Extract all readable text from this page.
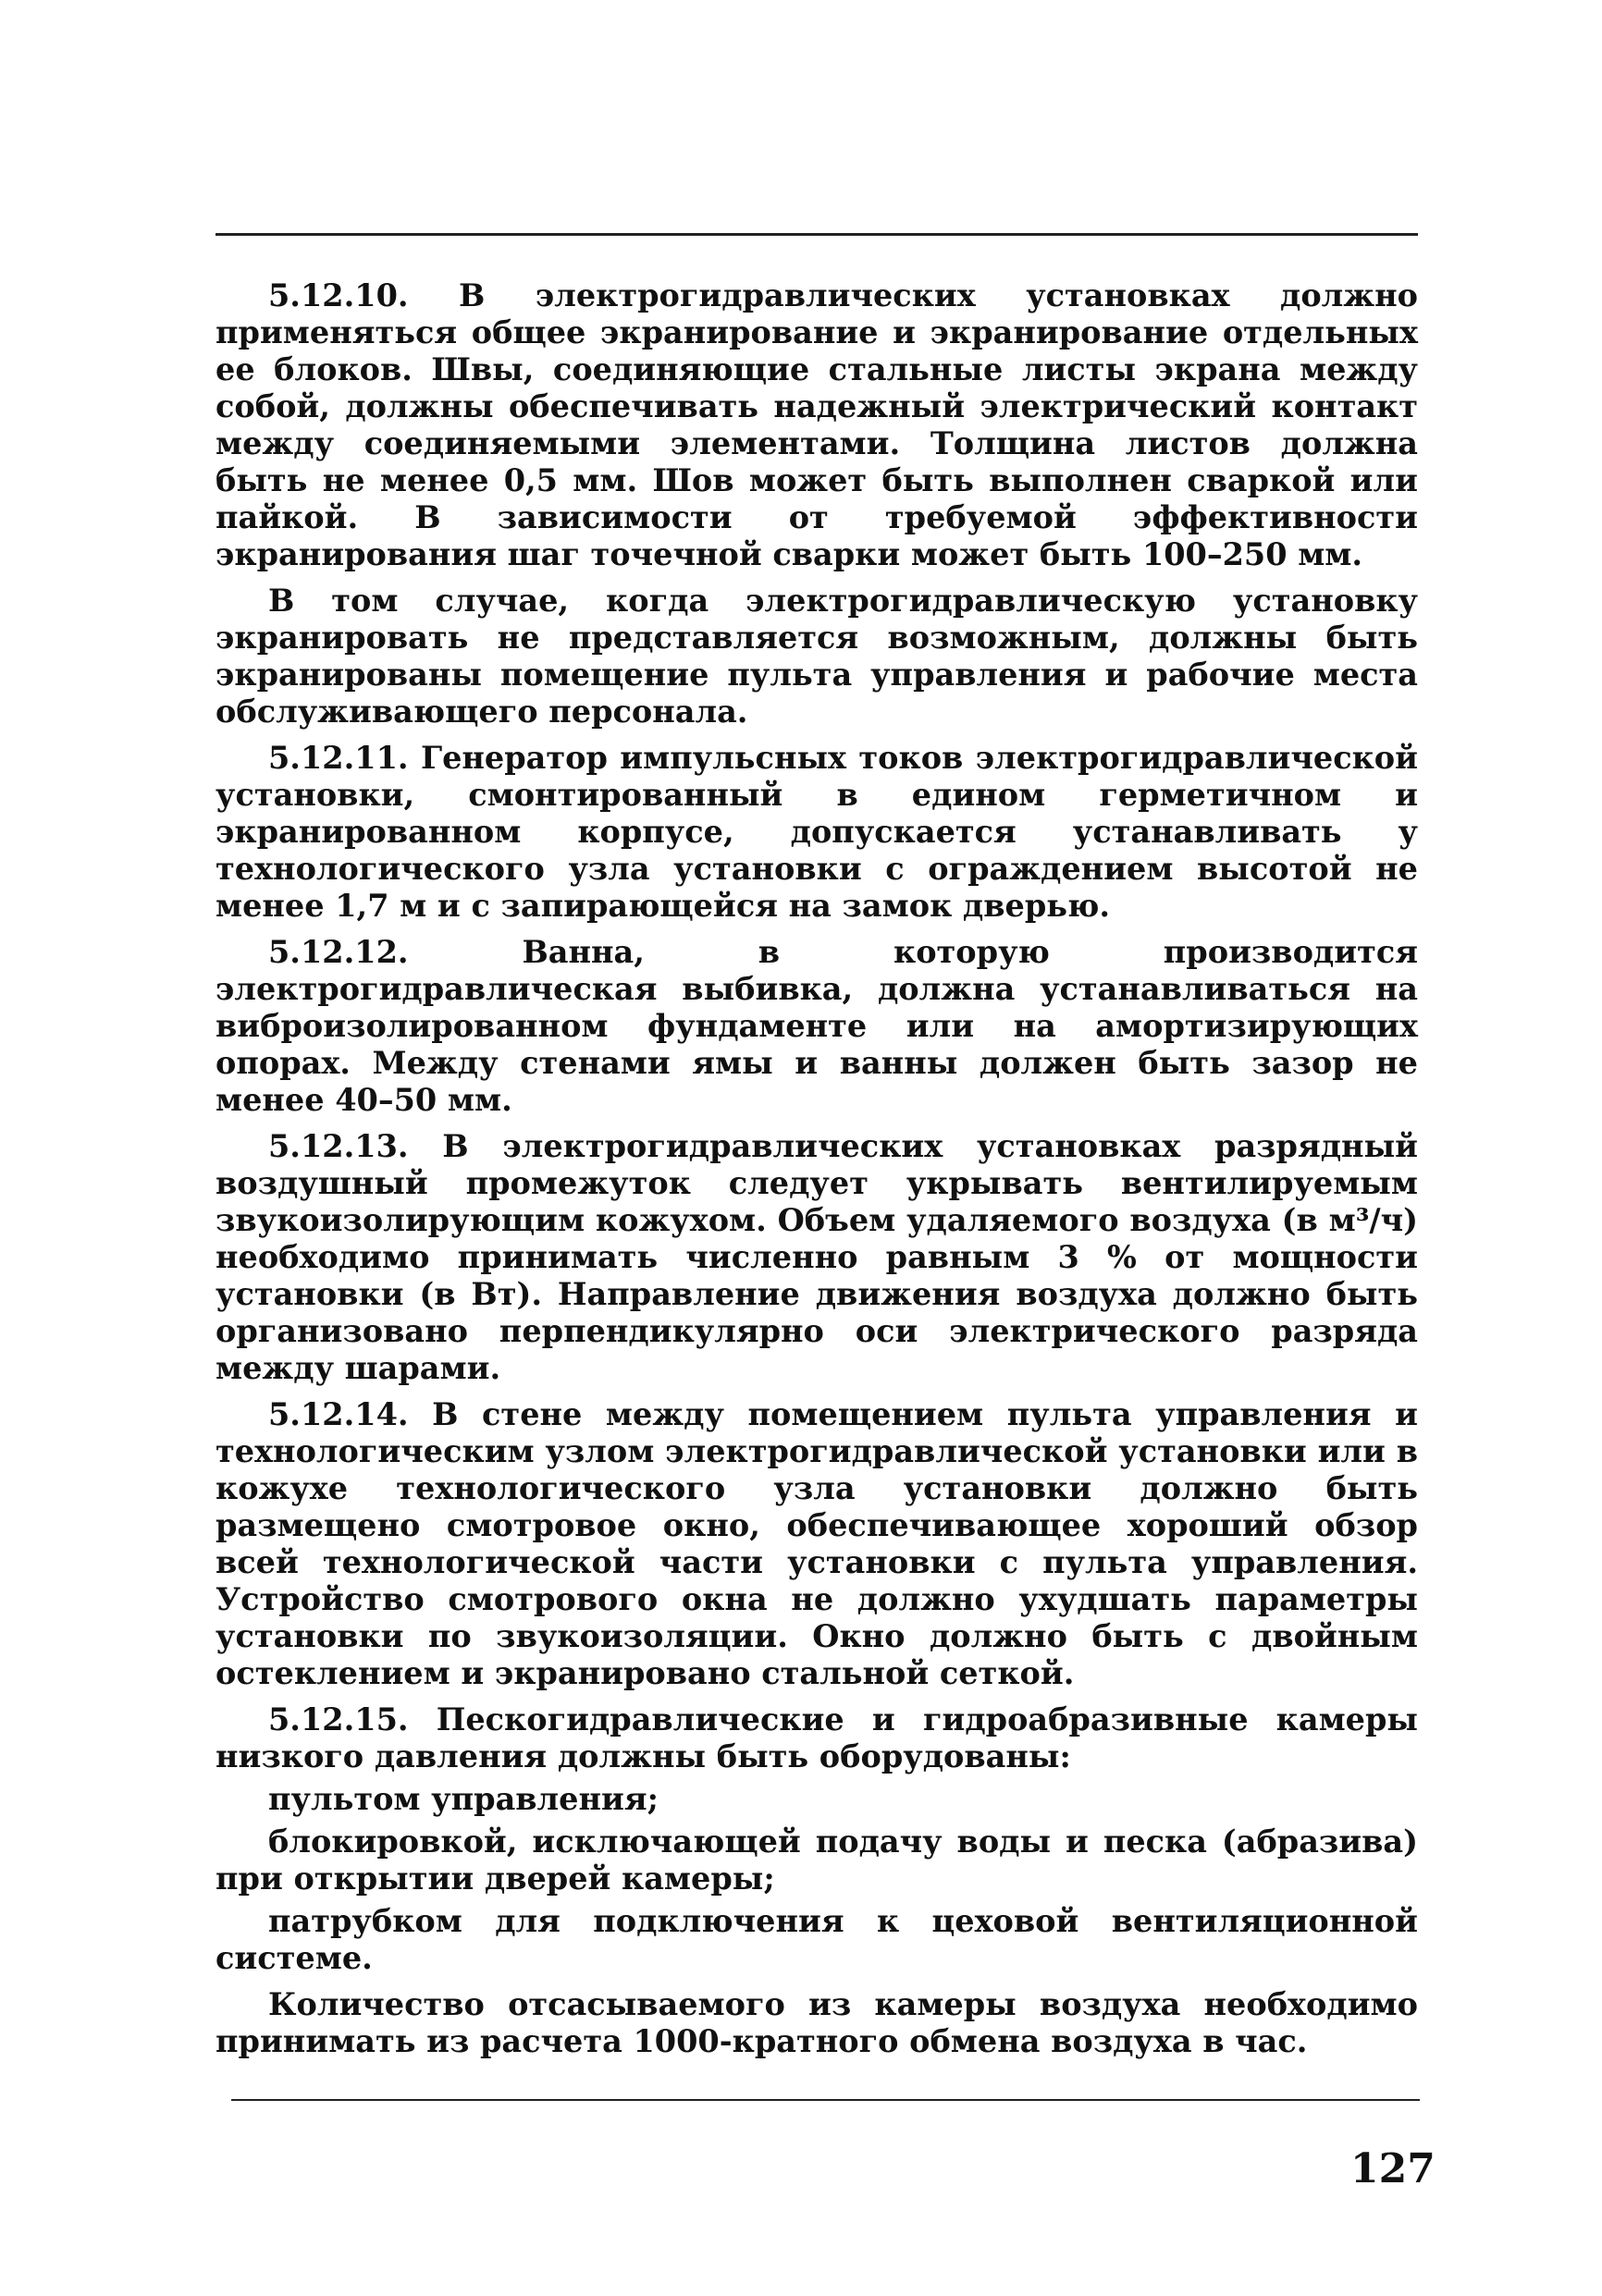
5.12.10. В электрогидравлических установках должно применяться общее экранирование и экранирование отдельных ее блоков. Швы, соединяющие стальные листы экрана между собой, должны обеспечивать надежный электрический контакт между соединяемыми элементами. Толщина листов должна быть не менее 0,5 мм. Шов может быть выполнен сваркой или пайкой. В зависимости от требуемой эффективности экранирования шаг точечной сварки может быть 100–250 мм.

В том случае, когда электрогидравлическую установку экранировать не представляется возможным, должны быть экранированы помещение пульта управления и рабочие места обслуживающего персонала.

5.12.11. Генератор импульсных токов электрогидравлической установки, смонтированный в едином герметичном и экранированном корпусе, допускается устанавливать у технологического узла установки с ограждением высотой не менее 1,7 м и с запирающейся на замок дверью.

5.12.12. Ванна, в которую производится электрогидравлическая выбивка, должна устанавливаться на виброизолированном фундаменте или на амортизирующих опорах. Между стенами ямы и ванны должен быть зазор не менее 40–50 мм.

5.12.13. В электрогидравлических установках разрядный воздушный промежуток следует укрывать вентилируемым звукоизолирующим кожухом. Объем удаляемого воздуха (в м³/ч) необходимо принимать численно равным 3 % от мощности установки (в Вт). Направление движения воздуха должно быть организовано перпендикулярно оси электрического разряда между шарами.

5.12.14. В стене между помещением пульта управления и технологическим узлом электрогидравлической установки или в кожухе технологического узла установки должно быть размещено смотровое окно, обеспечивающее хороший обзор всей технологической части установки с пульта управления. Устройство смотрового окна не должно ухудшать параметры установки по звукоизоляции. Окно должно быть с двойным остеклением и экранировано стальной сеткой.

5.12.15. Пескогидравлические и гидроабразивные камеры низкого давления должны быть оборудованы:

пультом управления;

блокировкой, исключающей подачу воды и песка (абразива) при открытии дверей камеры;

патрубком для подключения к цеховой вентиляционной системе.

Количество отсасываемого из камеры воздуха необходимо принимать из расчета 1000-кратного обмена воздуха в час.

127
